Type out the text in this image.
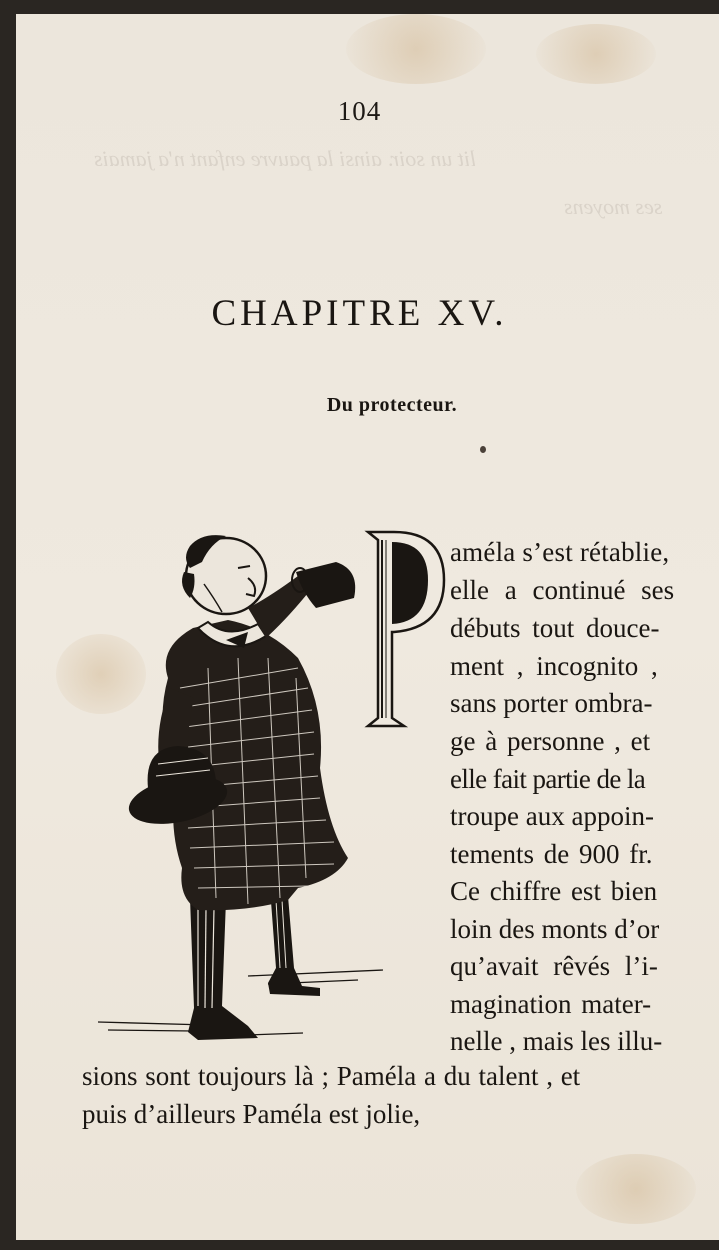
lit un soir. ainsi la pauvre enfant n'a jamais
ses moyens
104
CHAPITRE XV.
Du protecteur.
P
améla s’est rétablie,
elle a continué ses
débuts tout douce-
ment , incognito ,
sans porter ombra-
ge à personne , et
elle fait partie de la
troupe aux appoin-
tements de 900 fr.
Ce chiffre est bien
loin des monts d’or
qu’avait rêvés l’i-
magination mater-
nelle , mais les illu-
sions sont toujours là ; Paméla a du talent , et
puis d’ailleurs Paméla est jolie,
